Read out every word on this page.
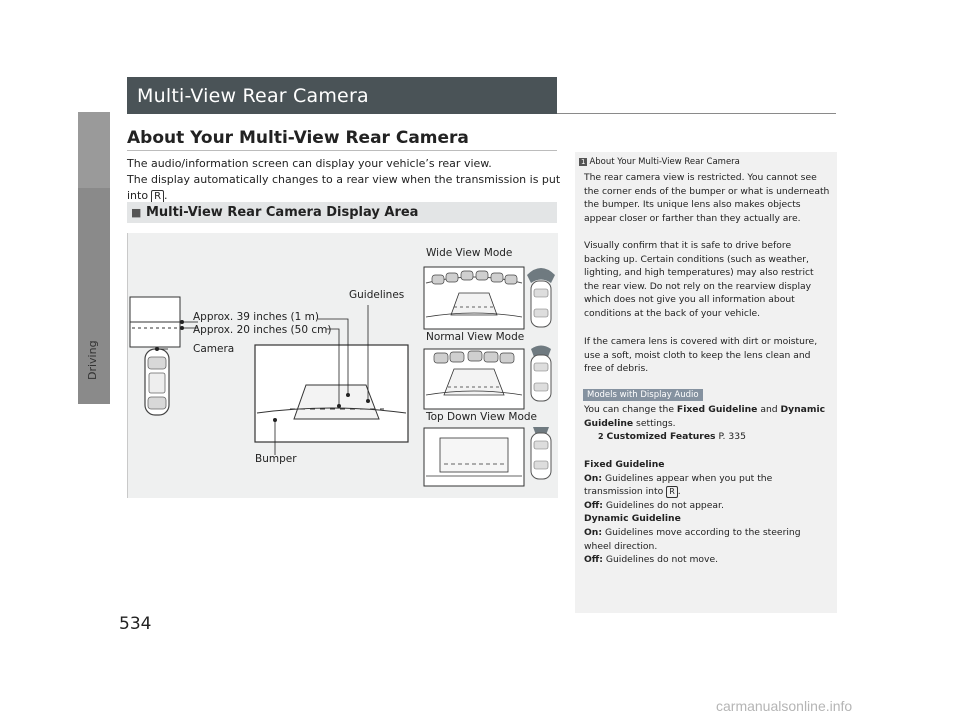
Driving
Multi-View Rear Camera
About Your Multi-View Rear Camera
The audio/information screen can display your vehicle’s rear view.
The display automatically changes to a rear view when the transmission is put into R .
■ Multi-View Rear Camera Display Area
Wide View Mode
Normal View Mode
Top Down View Mode
Guidelines
Approx. 39 inches (1 m)
Approx. 20 inches (50 cm)
Camera
Bumper
1 About Your Multi-View Rear Camera
The rear camera view is restricted. You cannot see the corner ends of the bumper or what is underneath the bumper. Its unique lens also makes objects appear closer or farther than they actually are.
Visually confirm that it is safe to drive before backing up. Certain conditions (such as weather, lighting, and high temperatures) may also restrict the rear view. Do not rely on the rearview display which does not give you all information about conditions at the back of your vehicle.
If the camera lens is covered with dirt or moisture, use a soft, moist cloth to keep the lens clean and free of debris.
Models with Display Audio
You can change the Fixed Guideline and Dynamic Guideline settings.
2 Customized Features P. 335
Fixed Guideline
On: Guidelines appear when you put the transmission into R .
Off: Guidelines do not appear.
Dynamic Guideline
On: Guidelines move according to the steering wheel direction.
Off: Guidelines do not move.
534
carmanualsonline.info
